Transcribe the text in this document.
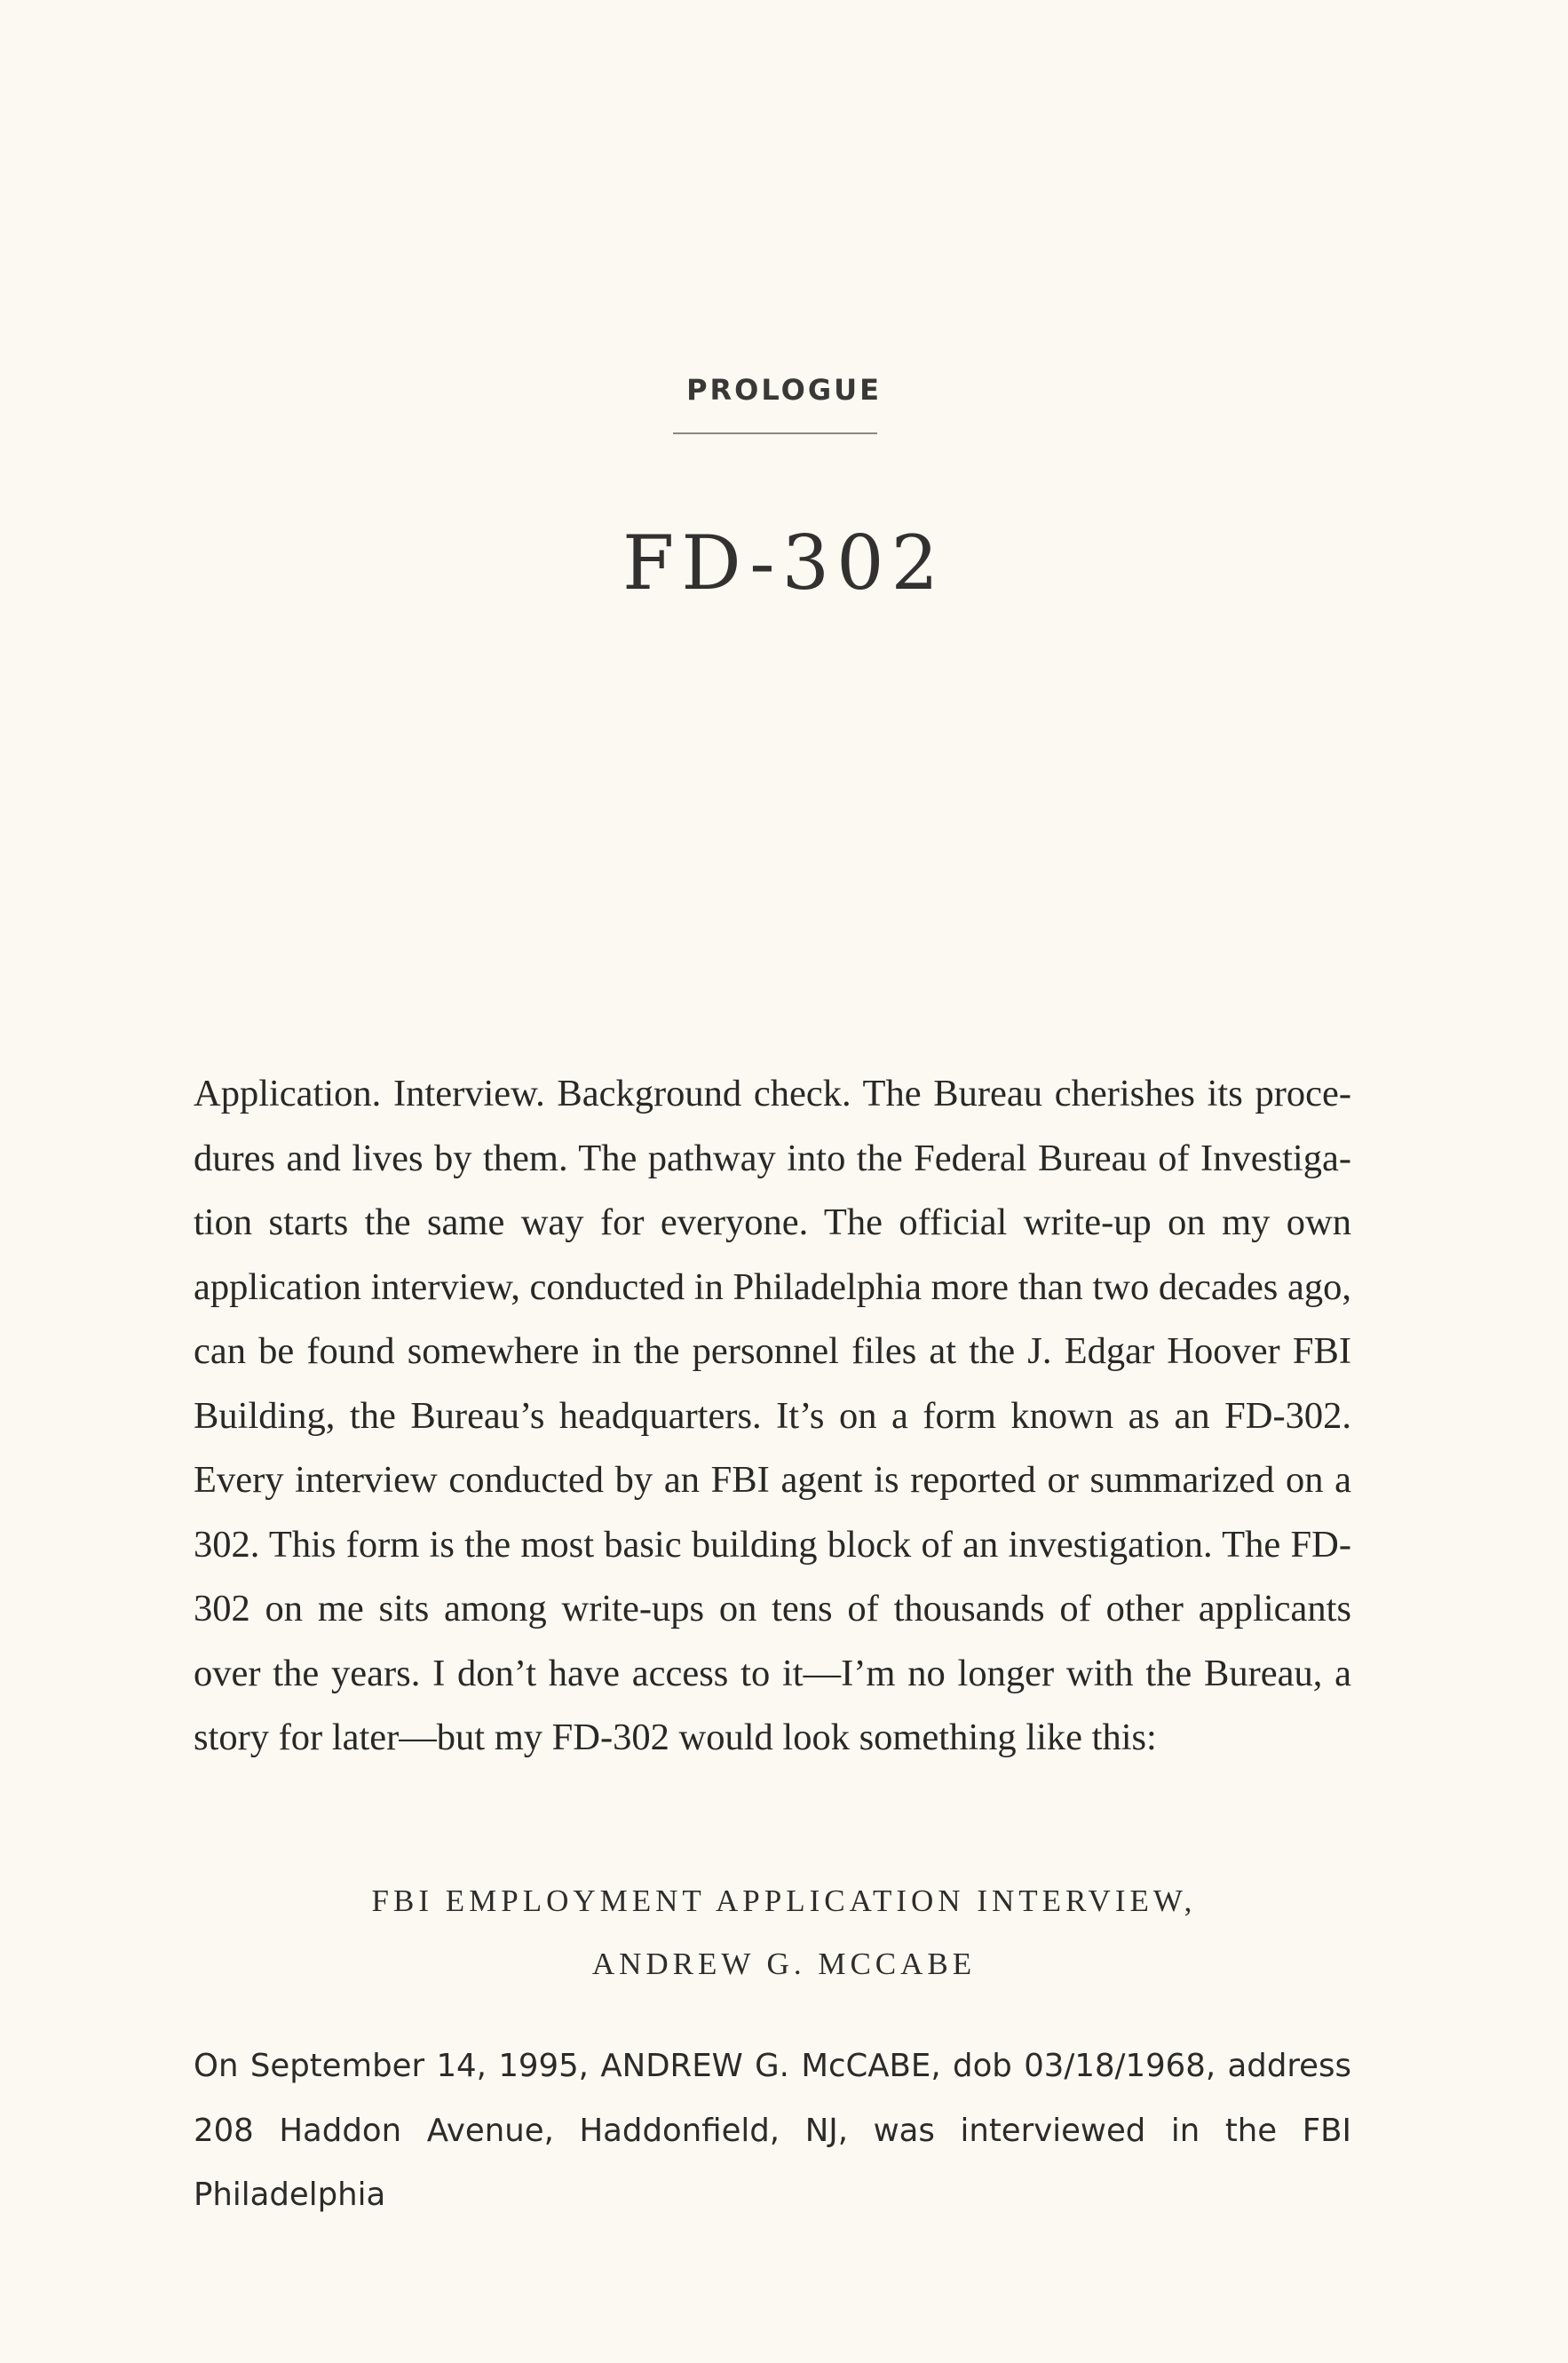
PROLOGUE
FD-302

Application. Interview. Background check. The Bureau cherishes its procedures and lives by them. The pathway into the Federal Bureau of Investigation starts the same way for everyone. The official write-up on my own application interview, conducted in Philadelphia more than two decades ago, can be found somewhere in the personnel files at the J. Edgar Hoover FBI Building, the Bureau’s headquarters. It’s on a form known as an FD-302. Every interview conducted by an FBI agent is reported or summarized on a 302. This form is the most basic building block of an investigation. The FD-302 on me sits among write-ups on tens of thousands of other applicants over the years. I don’t have access to it—I’m no longer with the Bureau, a story for later—but my FD-302 would look something like this:

FBI EMPLOYMENT APPLICATION INTERVIEW,
ANDREW G. MCCABE

On September 14, 1995, ANDREW G. McCABE, dob 03/18/1968, address 208 Haddon Avenue, Haddonfield, NJ, was interviewed in the FBI Philadelphia
